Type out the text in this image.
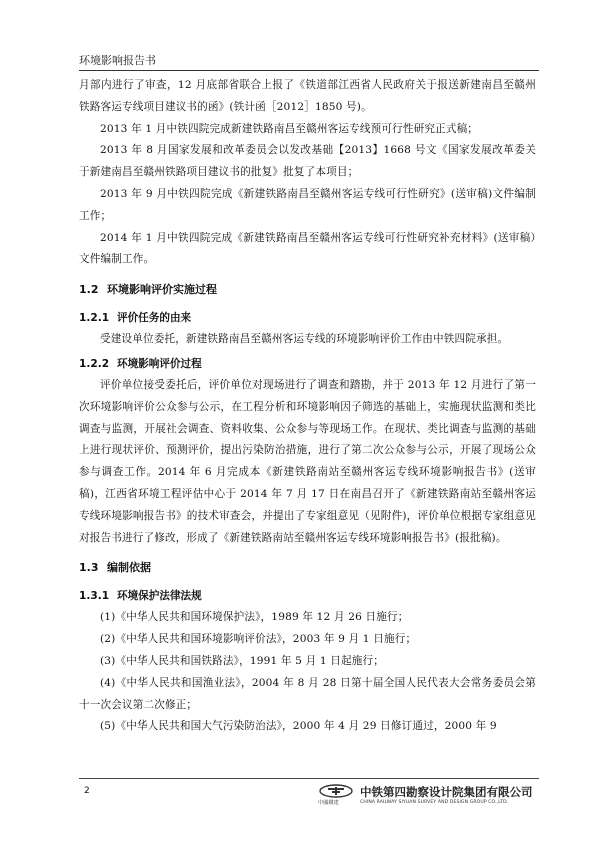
环境影响报告书

月部内进行了审查，12 月底部省联合上报了《铁道部江西省人民政府关于报送新建南昌至赣州铁路客运专线项目建议书的函》(铁计函［2012］1850 号)。

2013 年 1 月中铁四院完成新建铁路南昌至赣州客运专线预可行性研究正式稿；

2013 年 8 月国家发展和改革委员会以发改基础【2013】1668 号文《国家发展改革委关于新建南昌至赣州铁路项目建议书的批复》批复了本项目；

2013 年 9 月中铁四院完成《新建铁路南昌至赣州客运专线可行性研究》(送审稿)文件编制工作；

2014 年 1 月中铁四院完成《新建铁路南昌至赣州客运专线可行性研究补充材料》(送审稿）文件编制工作。

1.2 环境影响评价实施过程
1.2.1 评价任务的由来

受建设单位委托，新建铁路南昌至赣州客运专线的环境影响评价工作由中铁四院承担。

1.2.2 环境影响评价过程

评价单位接受委托后，评价单位对现场进行了调查和踏勘，并于 2013 年 12 月进行了第一次环境影响评价公众参与公示，在工程分析和环境影响因子筛选的基础上，实施现状监测和类比调查与监测，开展社会调查、资料收集、公众参与等现场工作。在现状、类比调查与监测的基础上进行现状评价、预测评价，提出污染防治措施，进行了第二次公众参与公示，开展了现场公众参与调查工作。2014 年 6 月完成本《新建铁路南站至赣州客运专线环境影响报告书》(送审稿)，江西省环境工程评估中心于 2014 年 7 月 17 日在南昌召开了《新建铁路南站至赣州客运专线环境影响报告书》的技术审查会，并提出了专家组意见（见附件)，评价单位根据专家组意见对报告书进行了修改，形成了《新建铁路南站至赣州客运专线环境影响报告书》(报批稿)。

1.3 编制依据
1.3.1 环境保护法律法规

(1)《中华人民共和国环境保护法》，1989 年 12 月 26 日施行；

(2)《中华人民共和国环境影响评价法》，2003 年 9 月 1 日施行；

(3)《中华人民共和国铁路法》，1991 年 5 月 1 日起施行；

(4)《中华人民共和国渔业法》，2004 年 8 月 28 日第十届全国人民代表大会常务委员会第十一次会议第二次修正；

(5)《中华人民共和国大气污染防治法》，2000 年 4 月 29 日修订通过，2000 年 9

2
中國鐵建
中铁第四勘察设计院集团有限公司
CHINA RAILWAY SIYUAN SURVEY AND DESIGN GROUP CO.,LTD.
